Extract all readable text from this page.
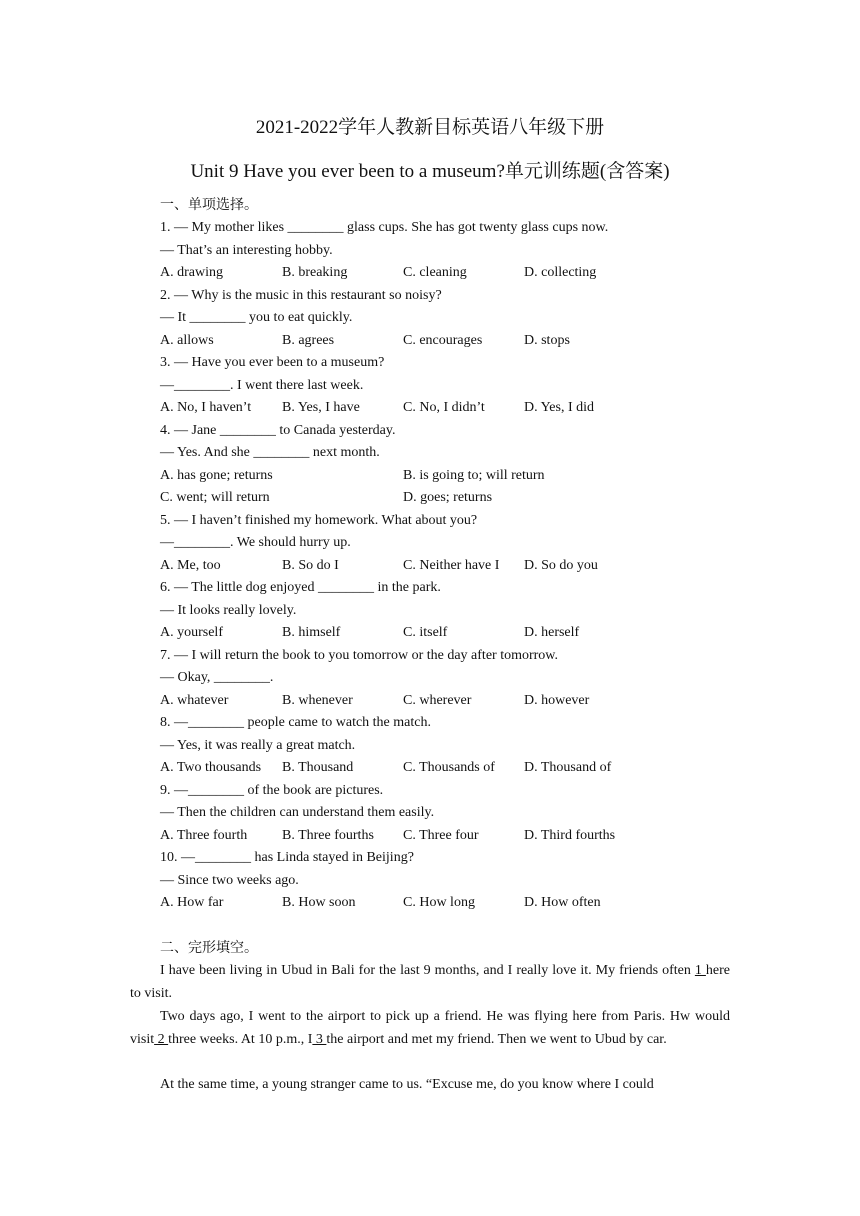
2021-2022学年人教新目标英语八年级下册
Unit 9 Have you ever been to a museum?单元训练题(含答案)
一、单项选择。
1. — My mother likes ________ glass cups. She has got twenty glass cups now.
— That’s an interesting hobby.
A. drawing	B. breaking	C. cleaning	D. collecting
2. — Why is the music in this restaurant so noisy?
— It ________ you to eat quickly.
A. allows	B. agrees	C. encourages	D. stops
3. — Have you ever been to a museum?
—________. I went there last week.
A. No, I haven’t B. Yes, I have	C. No, I didn’t	D. Yes, I did
4. — Jane ________ to Canada yesterday.
— Yes. And she ________ next month.
A. has gone; returns	B. is going to; will return
C. went; will return	D. goes; returns
5. — I haven’t finished my homework. What about you?
—________. We should hurry up.
A. Me, too	B. So do I	C. Neither have I D. So do you
6. — The little dog enjoyed ________ in the park.
— It looks really lovely.
A. yourself	B. himself	C. itself	D. herself
7. — I will return the book to you tomorrow or the day after tomorrow.
— Okay, ________.
A. whatever	B. whenever	C. wherever	D. however
8. —________ people came to watch the match.
— Yes, it was really a great match.
A. Two thousands B. Thousand	C. Thousands of D. Thousand of
9. —________ of the book are pictures.
— Then the children can understand them easily.
A. Three fourth B. Three fourths C. Three four	D. Third fourths
10. —________ has Linda stayed in Beijing?
— Since two weeks ago.
A. How far	B. How soon	C. How long	D. How often
二、完形填空。
I have been living in Ubud in Bali for the last 9 months, and I really love it. My friends often 1 here to visit.
Two days ago, I went to the airport to pick up a friend. He was flying here from Paris. Hw would visit 2 three weeks. At 10 p.m., I 3 the airport and met my friend. Then we went to Ubud by car.
At the same time, a young stranger came to us. “Excuse me, do you know where I could
